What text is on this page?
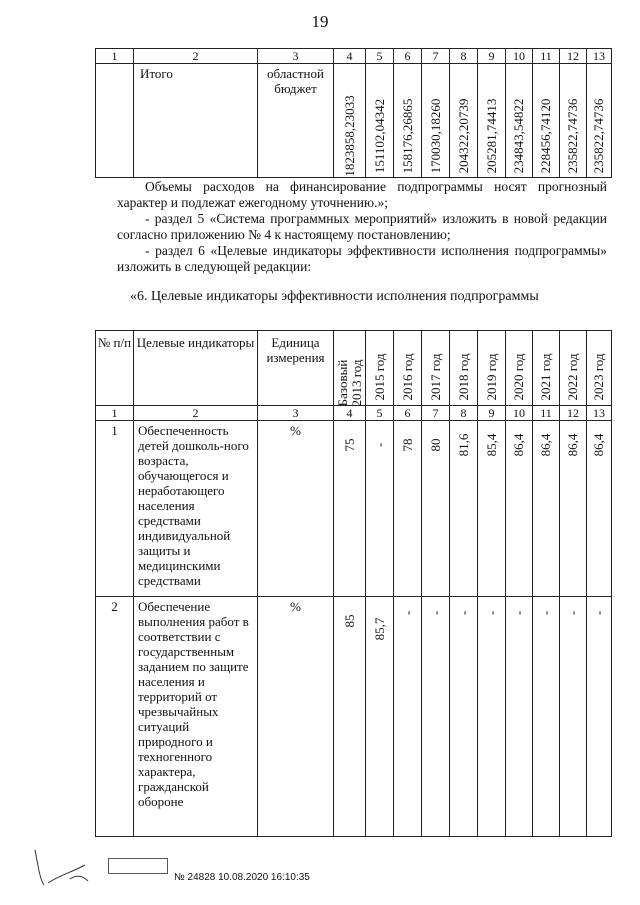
19
1	2	3	4	5	6	7	8	9	10	11	12	13
	Итого	областной бюджет	1823858,23033	151102,04342	158176,26865	170030,18260	204322,20739	205281,74413	234843,54822	228456,74120	235822,74736	235822,74736
Объемы расходов на финансирование подпрограммы носят прогнозный характер и подлежат ежегодному уточнению.»;
- раздел 5 «Система программных мероприятий» изложить в новой редакции согласно приложению № 4 к настоящему постановлению;
- раздел 6 «Целевые индикаторы эффективности исполнения подпрограммы» изложить в следующей редакции:
«6. Целевые индикаторы эффективности исполнения подпрограммы
№ п/п	Целевые индикаторы	Единица измерения	Базовый
2013 год	2015 год	2016 год	2017 год	2018 год	2019 год	2020 год	2021 год	2022 год	2023 год

1	2	3	4	5	6	7	8	9	10	11	12	13
1	Обеспеченность детей дошколь-ного возраста, обучающегося и неработающего населения средствами индивидуальной защиты и медицинскими средствами	%	75	-	78	80	81,6	85,4	86,4	86,4	86,4	86,4

2	Обеспечение выполнения работ в соответствии с государственным заданием по защите населения и территорий от чрезвычайных ситуаций природного и техногенного характера, гражданской обороне	%	85	85,7	-	-	-	-	-	-	-	-
№ 24828 10.08.2020 16:10:35
